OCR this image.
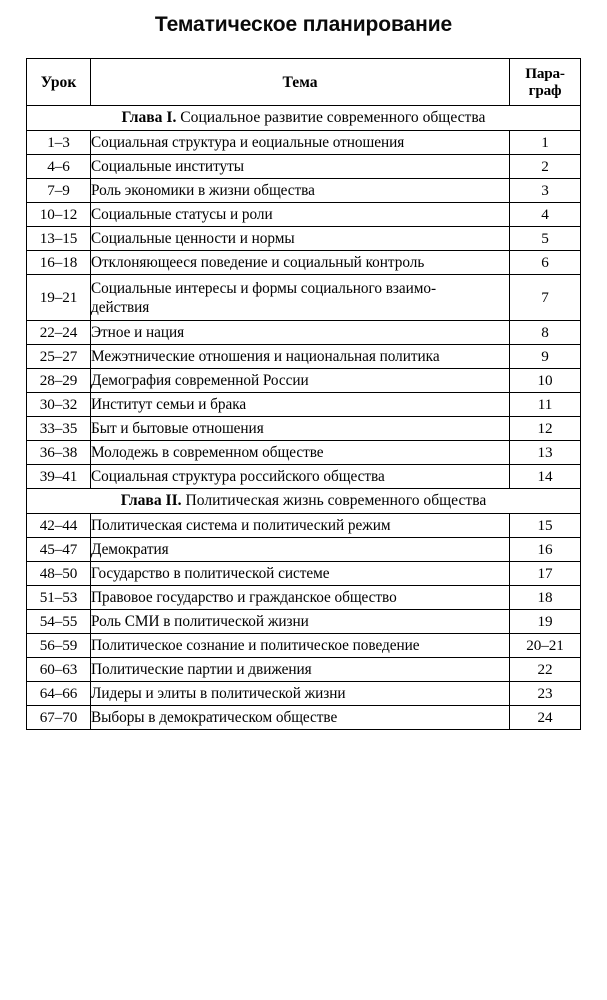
Тематическое планирование
Урок	Тема	Пара-
граф
Глава I. Социальное развитие современного общества		
1–3	Социальная структура и еоциальные отношения	1
4–6	Социальные институты	2
7–9	Роль экономики в жизни общества	3
10–12	Социальные статусы и роли	4
13–15	Социальные ценности и нормы	5
16–18	Отклоняющееся поведение и социальный контроль	6
19–21	Социальные интересы и формы социального взаимо-
действия	7
22–24	Этное и нация	8
25–27	Межэтнические отношения и национальная политика	9
28–29	Демография современной России	10
30–32	Институт семьи и брака	11
33–35	Быт и бытовые отношения	12
36–38	Молодежь в современном обществе	13
39–41	Социальная структура российского общества	14
Глава II. Политическая жизнь современного общества		
42–44	Политическая система и политический режим	15
45–47	Демократия	16
48–50	Государство в политической системе	17
51–53	Правовое государство и гражданское общество	18
54–55	Роль СМИ в политической жизни	19
56–59	Политическое сознание и политическое поведение	20–21
60–63	Политические партии и движения	22
64–66	Лидеры и элиты в политической жизни	23
67–70	Выборы в демократическом обществе	24
